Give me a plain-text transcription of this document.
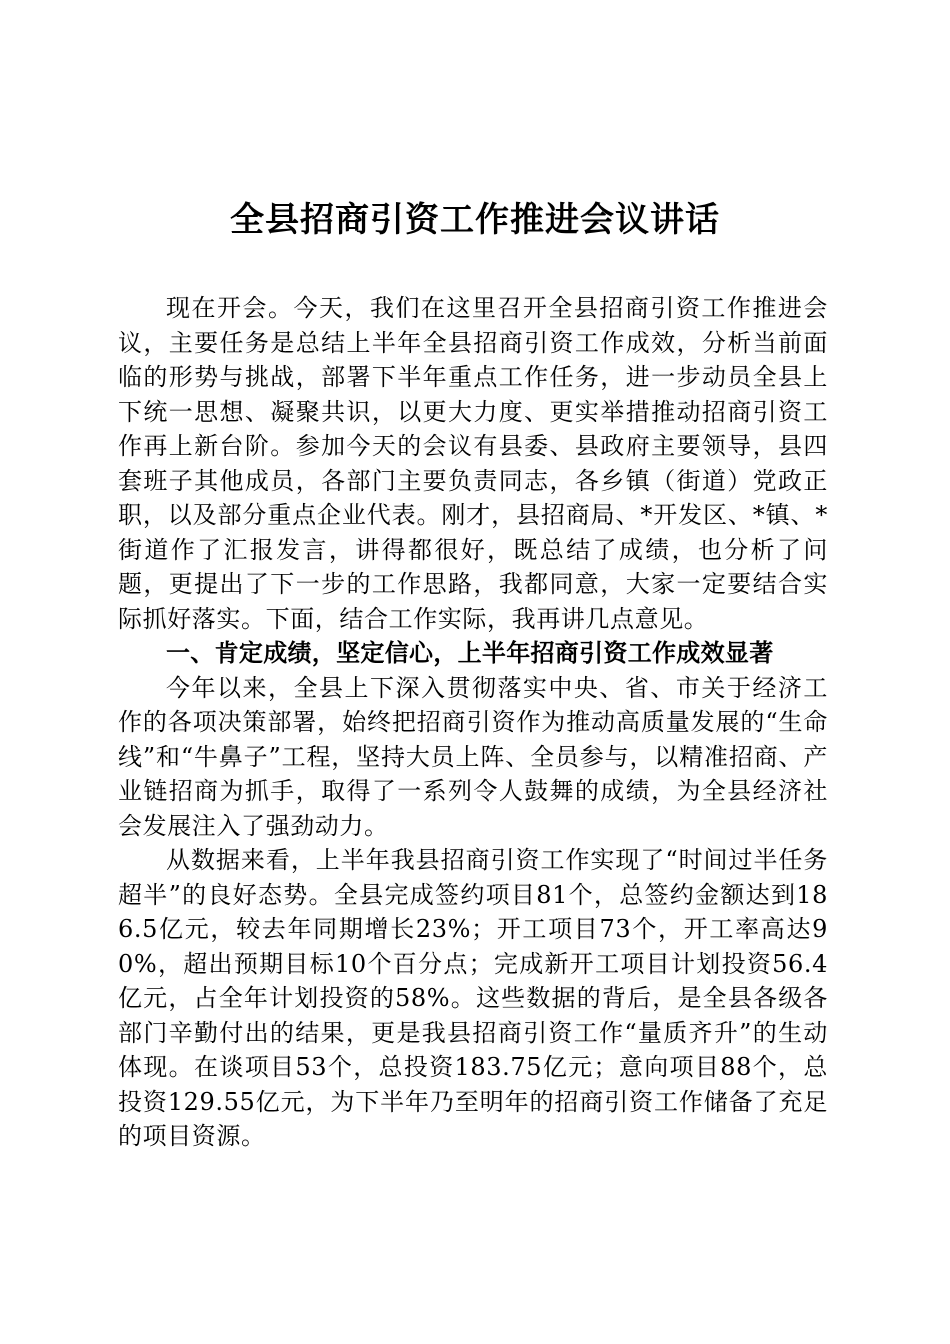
全县招商引资工作推进会议讲话

现在开会。今天，我们在这里召开全县招商引资工作推进会议，主要任务是总结上半年全县招商引资工作成效，分析当前面临的形势与挑战，部署下半年重点工作任务，进一步动员全县上下统一思想、凝聚共识，以更大力度、更实举措推动招商引资工作再上新台阶。参加今天的会议有县委、县政府主要领导，县四套班子其他成员，各部门主要负责同志，各乡镇（街道）党政正职，以及部分重点企业代表。刚才，县招商局、*开发区、*镇、*街道作了汇报发言，讲得都很好，既总结了成绩，也分析了问题，更提出了下一步的工作思路，我都同意，大家一定要结合实际抓好落实。下面，结合工作实际，我再讲几点意见。

一、肯定成绩，坚定信心，上半年招商引资工作成效显著

今年以来，全县上下深入贯彻落实中央、省、市关于经济工作的各项决策部署，始终把招商引资作为推动高质量发展的“生命线”和“牛鼻子”工程，坚持大员上阵、全员参与，以精准招商、产业链招商为抓手，取得了一系列令人鼓舞的成绩，为全县经济社会发展注入了强劲动力。

从数据来看，上半年我县招商引资工作实现了“时间过半任务超半”的良好态势。全县完成签约项目81个，总签约金额达到186.5亿元，较去年同期增长23%；开工项目73个，开工率高达90%，超出预期目标10个百分点；完成新开工项目计划投资56.4亿元，占全年计划投资的58%。这些数据的背后，是全县各级各部门辛勤付出的结果，更是我县招商引资工作“量质齐升”的生动体现。在谈项目53个，总投资183.75亿元；意向项目88个，总投资129.55亿元，为下半年乃至明年的招商引资工作储备了充足的项目资源。
